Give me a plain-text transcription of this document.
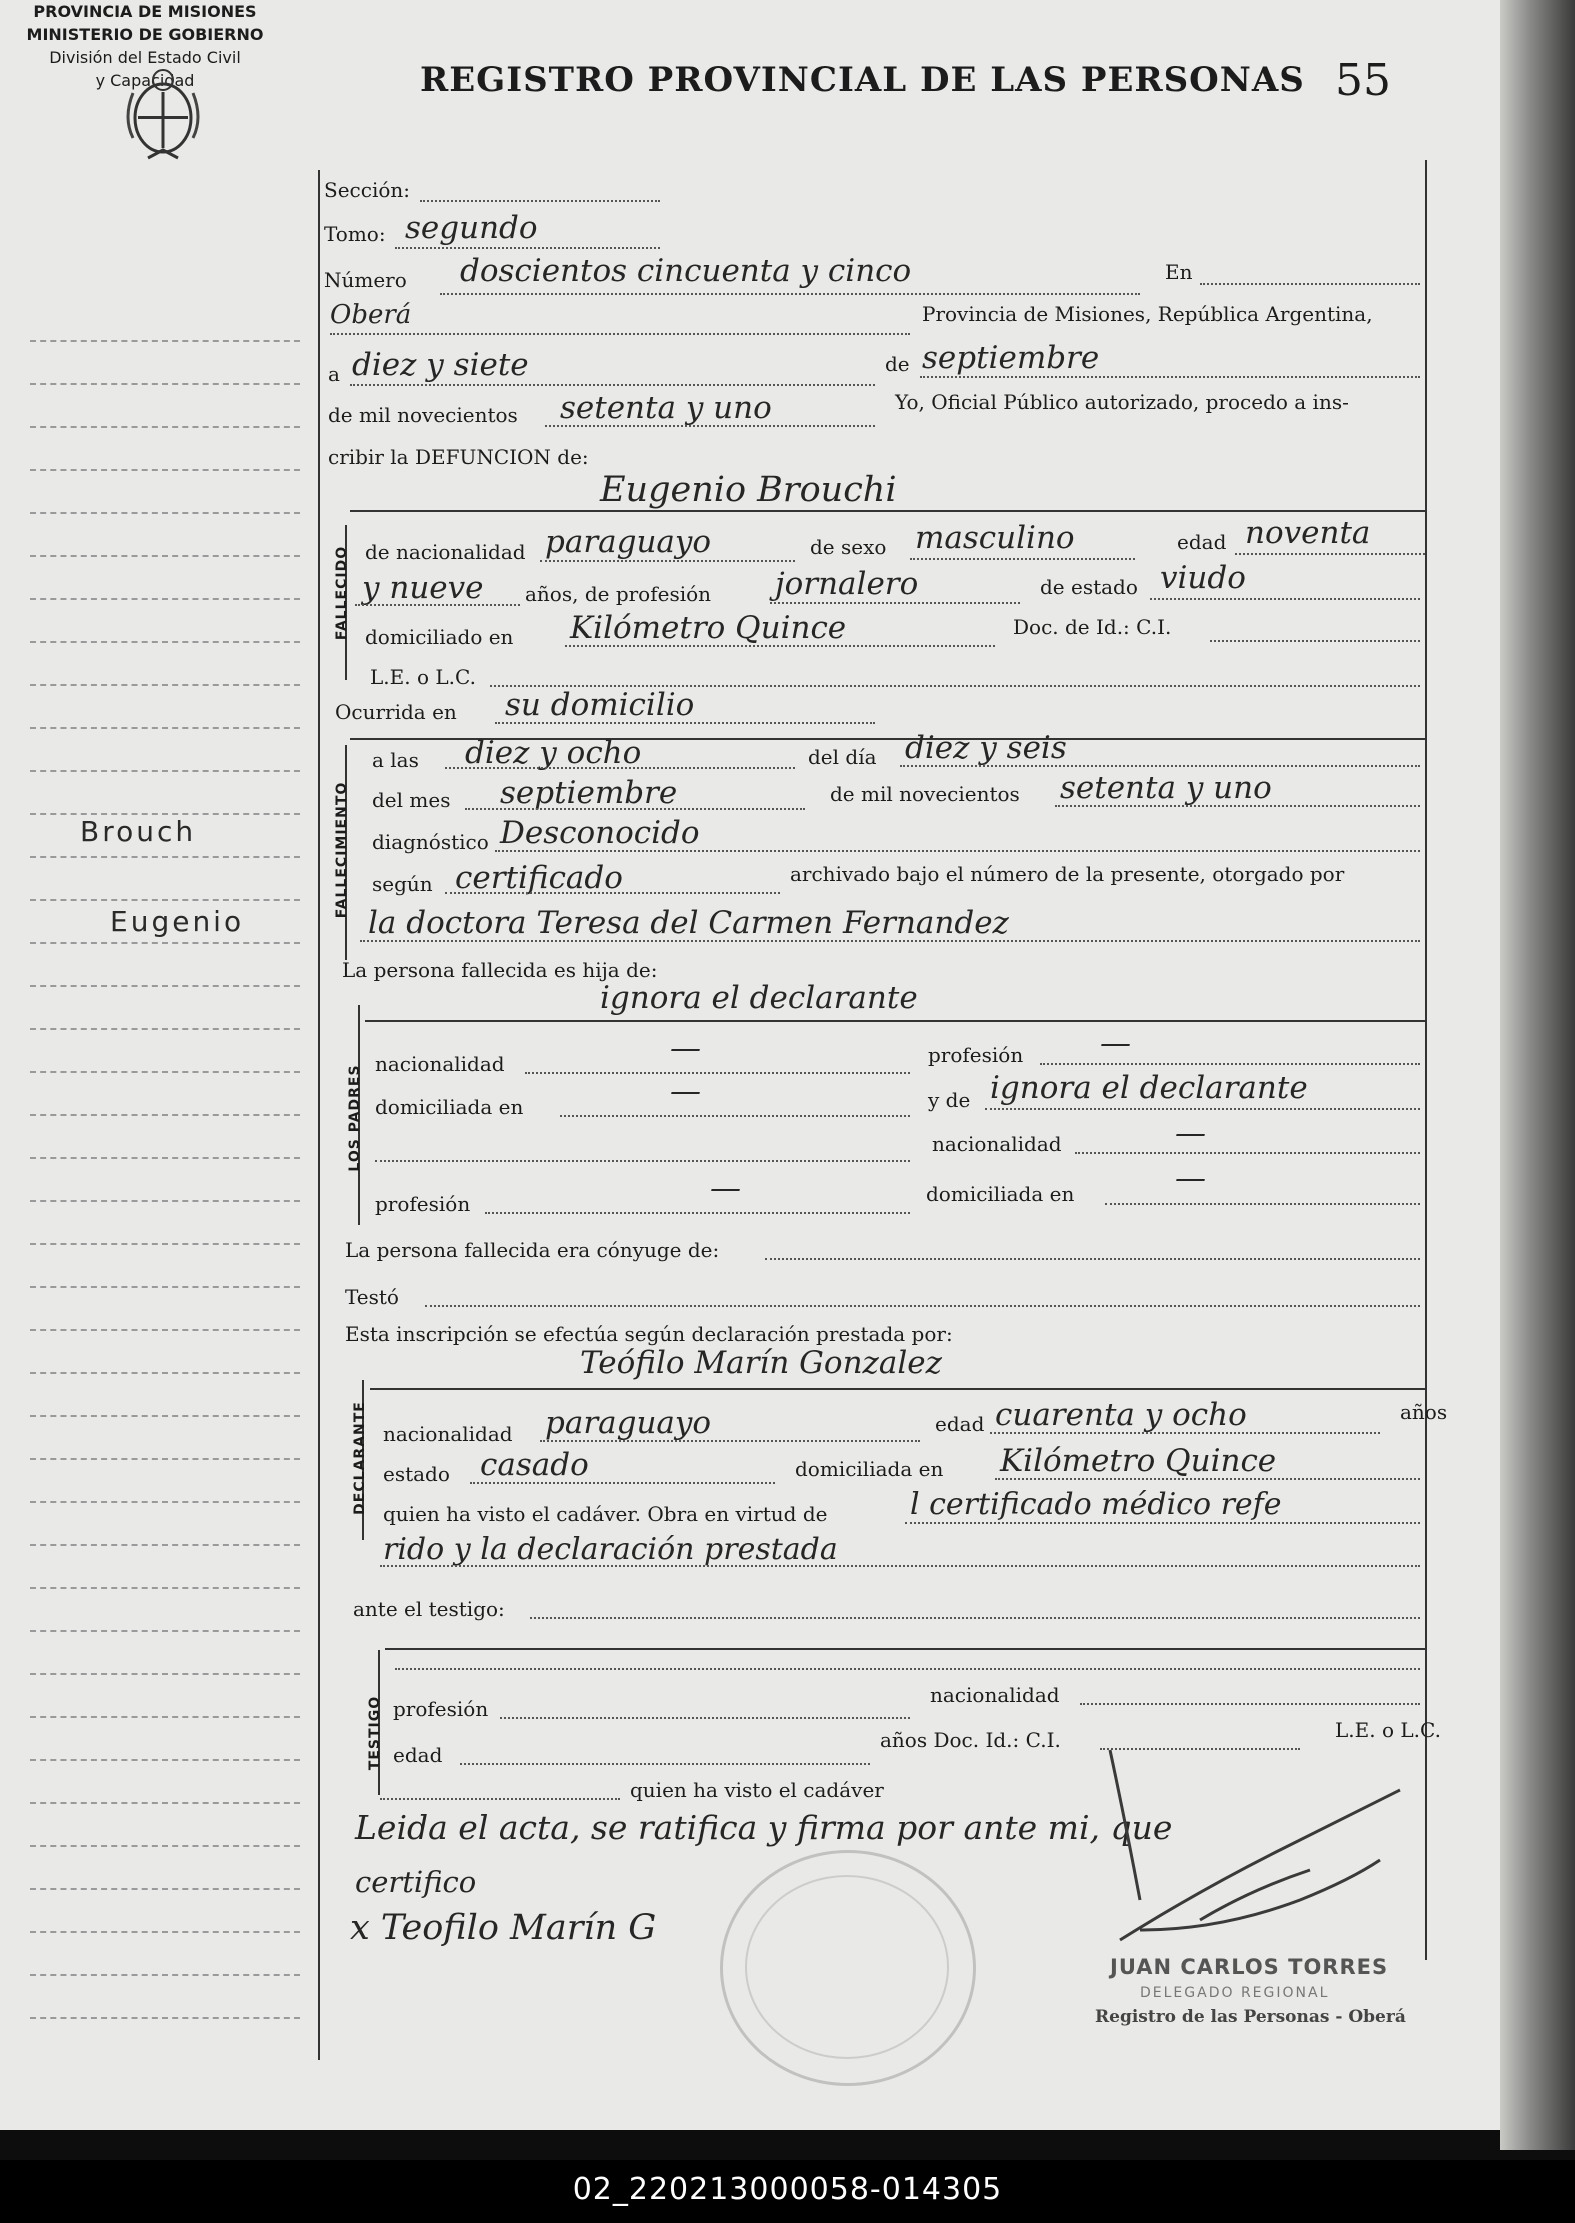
REGISTRO PROVINCIAL DE LAS PERSONAS 55
PROVINCIA DE MISIONES
MINISTERIO DE GOBIERNO
División del Estado Civil
y Capacidad
Brouch
Eugenio
Sección:
Tomo: segundo
Número doscientos cincuenta y cinco	En
Oberá	Provincia de Misiones, República Argentina,
a diez y siete	de septiembre
de mil novecientos setenta y uno	Yo, Oficial Público autorizado, procedo a ins-
cribir la DEFUNCION de:
Eugenio Brouchi
FALLECIDO de nacionalidad paraguayo	de sexo masculino	edad noventa
y nueve años, de profesión jornalero	de estado viudo
domiciliado en Kilómetro Quince	Doc. de Id.: C.I.
L.E. o L.C.
Ocurrida en su domicilio
FALLECIMIENTO
a las diez y ocho	del día diez y seis
del mes septiembre	de mil novecientos setenta y uno
diagnóstico Desconocido
según certificado	archivado bajo el número de la presente, otorgado por
la doctora Teresa del Carmen Fernandez
La persona fallecida es hija de:
ignora el declarante
LOS PADRES
nacionalidad	—	profesión —
domiciliada en	—	y de ignora el declarante
nacionalidad	—
profesión	—	domiciliada en	—
La persona fallecida era cónyuge de:
Testó
Esta inscripción se efectúa según declaración prestada por:
Teófilo Marín Gonzalez
DECLARANTE nacionalidad paraguayo	edad cuarenta y ocho	años
estado casado	domiciliada en Kilómetro Quince
quien ha visto el cadáver. Obra en virtud de	l certificado médico refe
rido y la declaración prestada
ante el testigo:
TESTIGO profesión
nacionalidad
edad
años Doc. Id.: C.I.	L.E. o L.C.
quien ha visto el cadáver
Leida el acta, se ratifica y firma por ante mi, que
certifico
x Teofilo Marín G
JUAN CARLOS TORRES
DELEGADO REGIONAL
Registro de las Personas - Oberá
02_220213000058-014305
